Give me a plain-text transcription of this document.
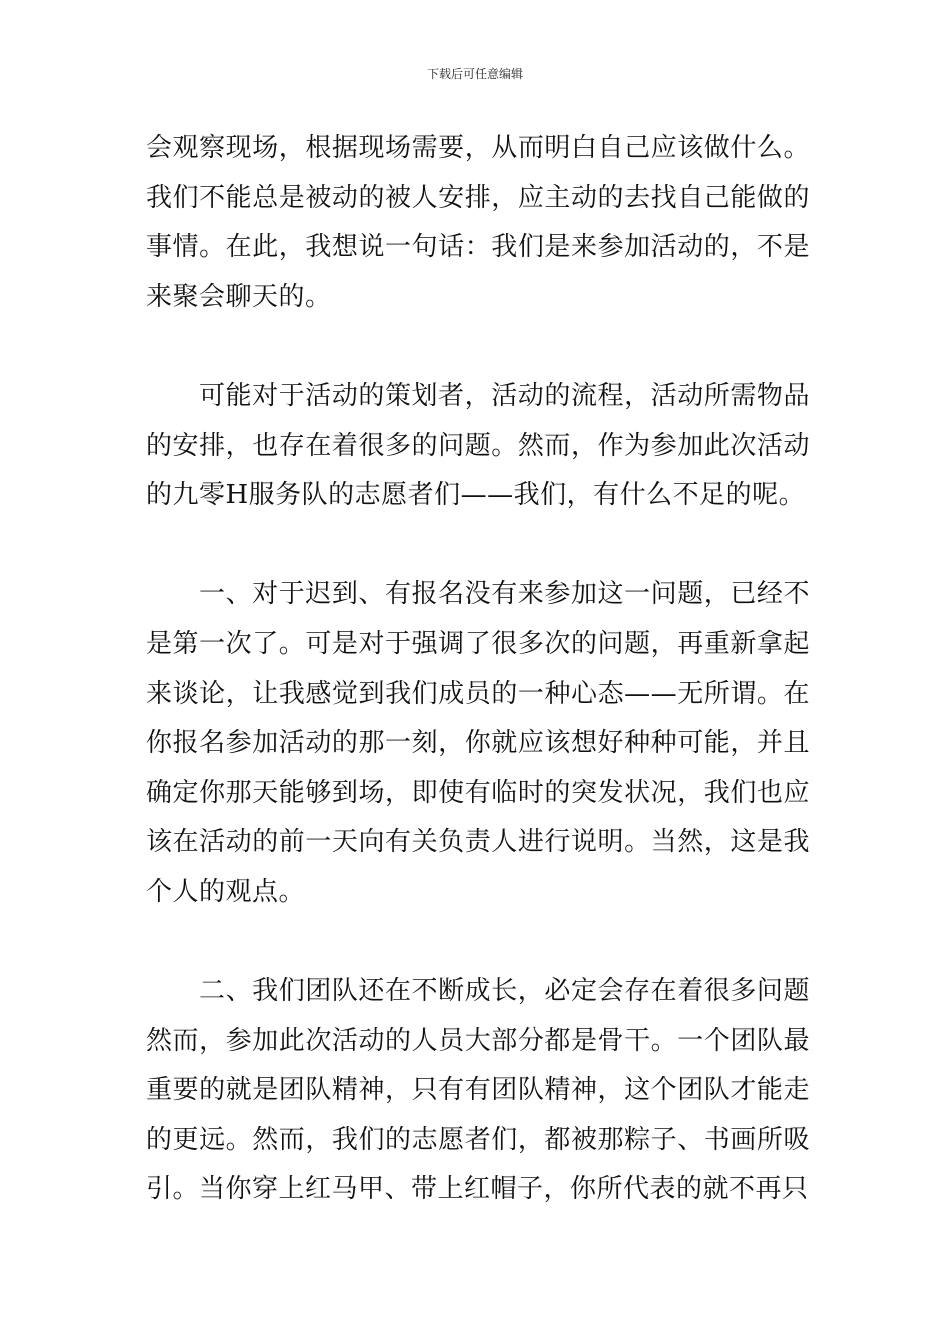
下载后可任意编辑

会观察现场，根据现场需要，从而明白自己应该做什么。我们不能总是被动的被人安排，应主动的去找自己能做的事情。在此，我想说一句话：我们是来参加活动的，不是来聚会聊天的。

可能对于活动的策划者，活动的流程，活动所需物品的安排，也存在着很多的问题。然而，作为参加此次活动的九零H服务队的志愿者们——我们，有什么不足的呢。

一、对于迟到、有报名没有来参加这一问题，已经不是第一次了。可是对于强调了很多次的问题，再重新拿起来谈论，让我感觉到我们成员的一种心态——无所谓。在你报名参加活动的那一刻，你就应该想好种种可能，并且确定你那天能够到场，即使有临时的突发状况，我们也应该在活动的前一天向有关负责人进行说明。当然，这是我个人的观点。

二、我们团队还在不断成长，必定会存在着很多问题然而，参加此次活动的人员大部分都是骨干。一个团队最重要的就是团队精神，只有有团队精神，这个团队才能走的更远。然而，我们的志愿者们，都被那粽子、书画所吸引。当你穿上红马甲、带上红帽子，你所代表的就不再只
